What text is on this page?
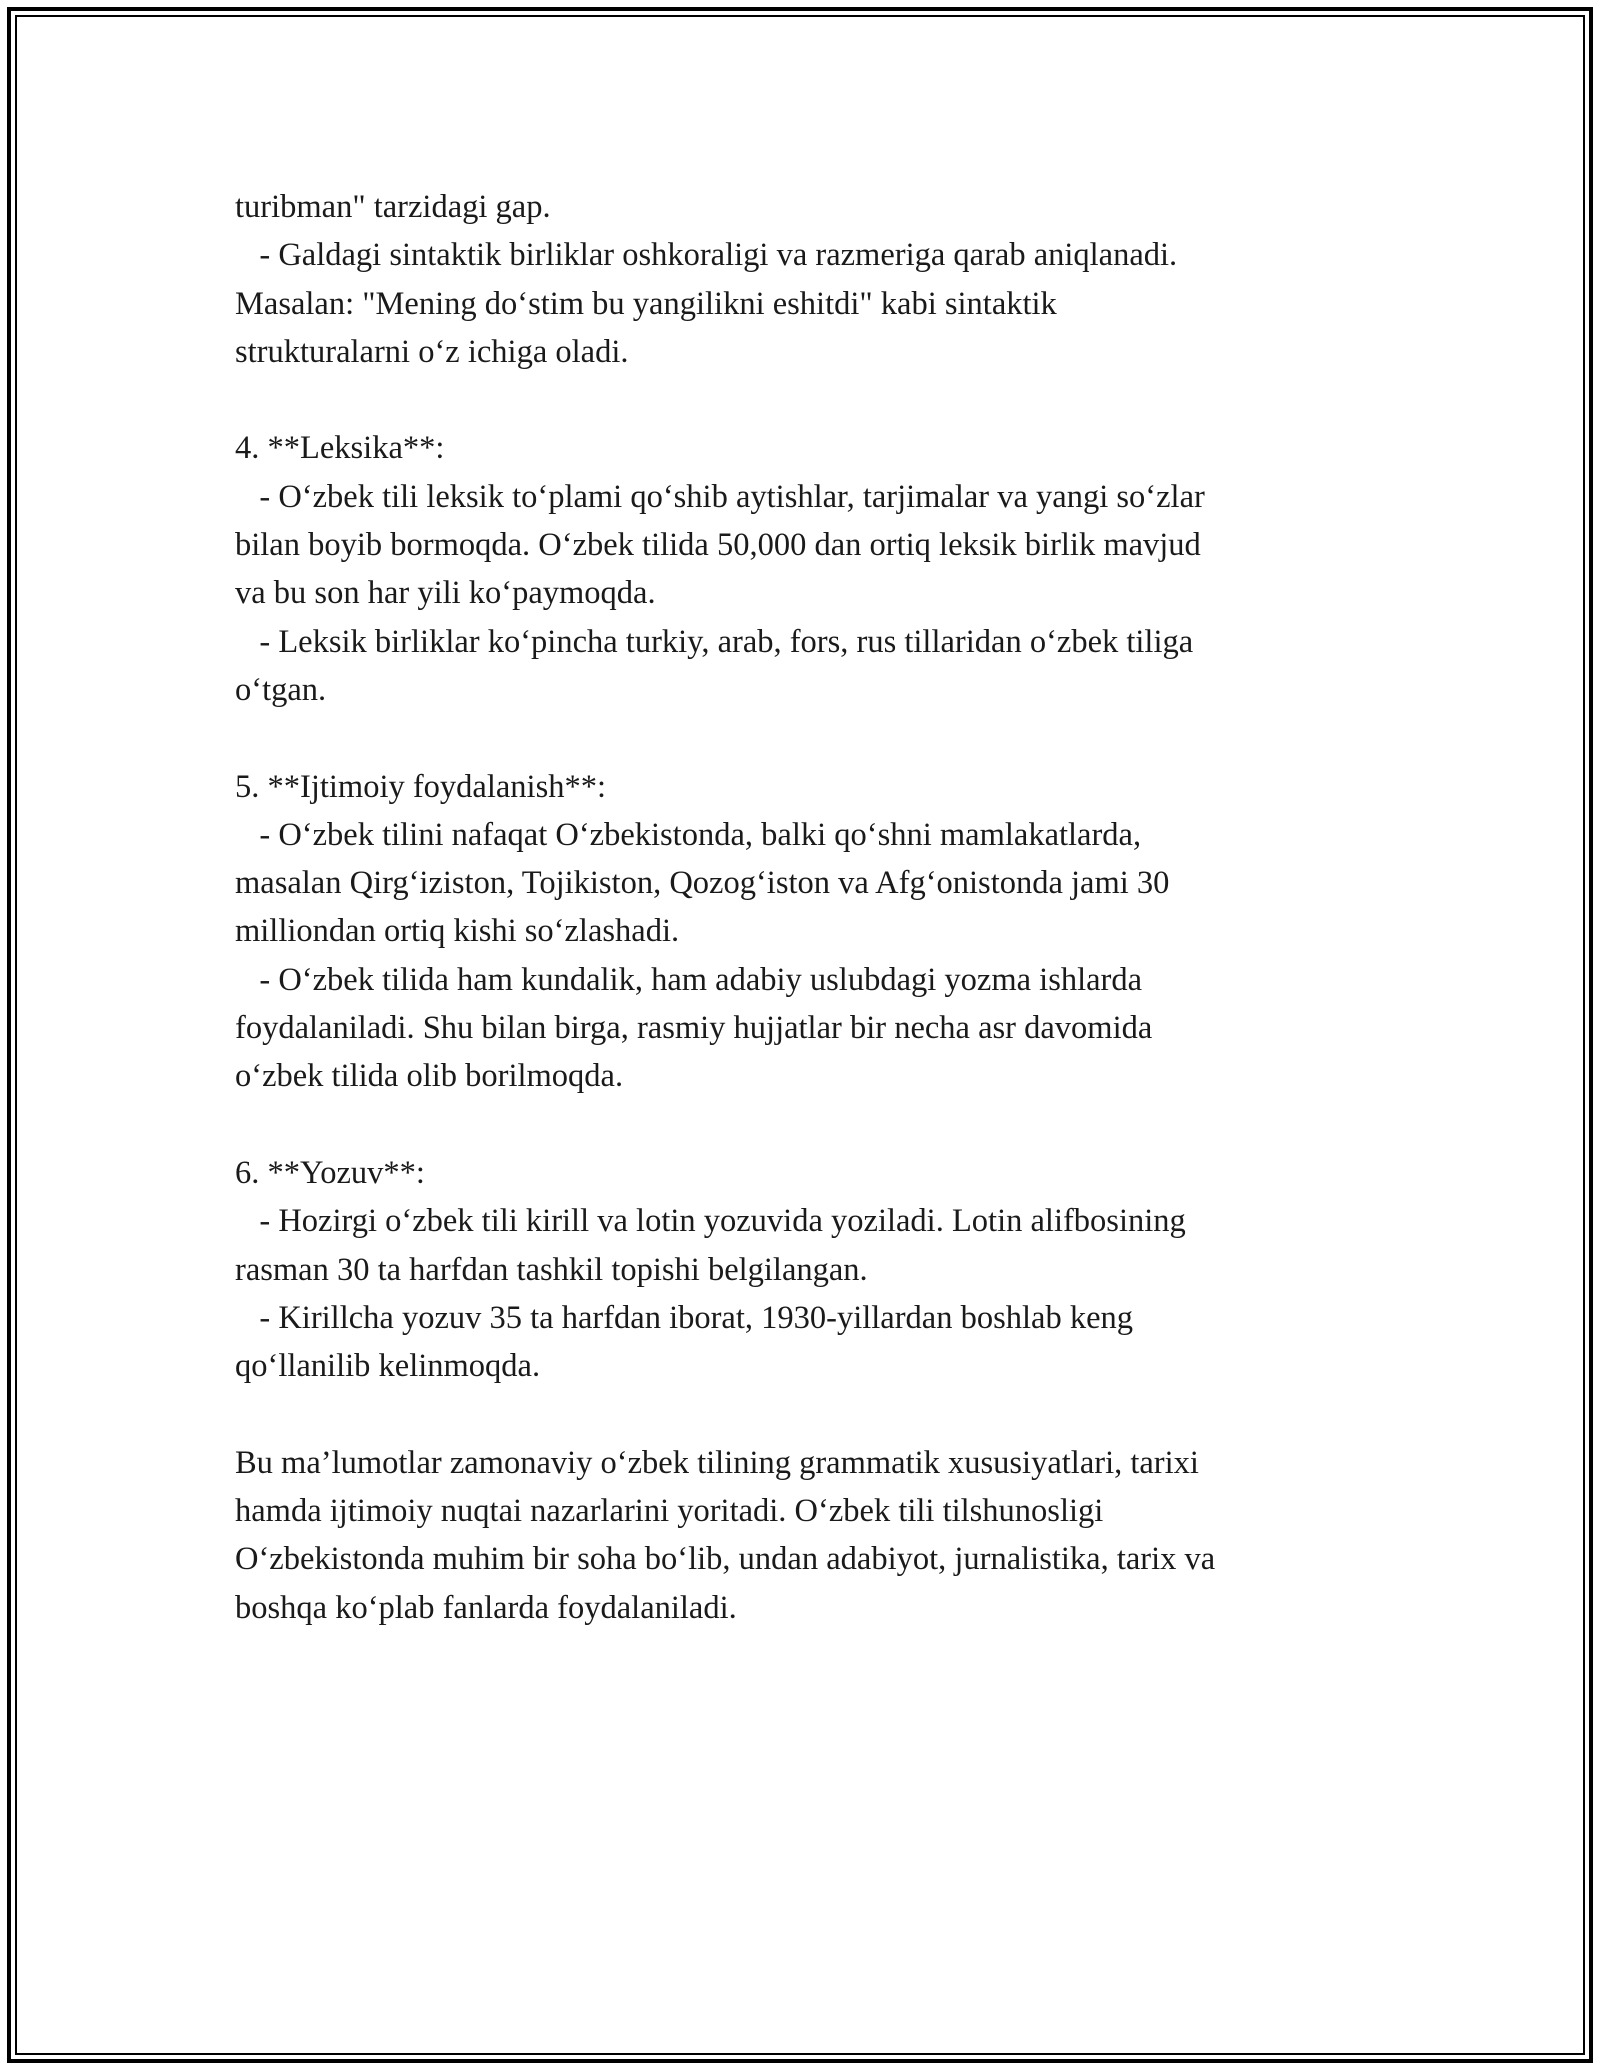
turibman" tarzidagi gap.
- Galdagi sintaktik birliklar oshkoraligi va razmeriga qarab aniqlanadi.
Masalan: "Mening do‘stim bu yangilikni eshitdi" kabi sintaktik
strukturalarni o‘z ichiga oladi.
4. **Leksika**:
- O‘zbek tili leksik to‘plami qo‘shib aytishlar, tarjimalar va yangi so‘zlar
bilan boyib bormoqda. O‘zbek tilida 50,000 dan ortiq leksik birlik mavjud
va bu son har yili ko‘paymoqda.
- Leksik birliklar ko‘pincha turkiy, arab, fors, rus tillaridan o‘zbek tiliga
o‘tgan.
5. **Ijtimoiy foydalanish**:
- O‘zbek tilini nafaqat O‘zbekistonda, balki qo‘shni mamlakatlarda,
masalan Qirg‘iziston, Tojikiston, Qozog‘iston va Afg‘onistonda jami 30
milliondan ortiq kishi so‘zlashadi.
- O‘zbek tilida ham kundalik, ham adabiy uslubdagi yozma ishlarda
foydalaniladi. Shu bilan birga, rasmiy hujjatlar bir necha asr davomida
o‘zbek tilida olib borilmoqda.
6. **Yozuv**:
- Hozirgi o‘zbek tili kirill va lotin yozuvida yoziladi. Lotin alifbosining
rasman 30 ta harfdan tashkil topishi belgilangan.
- Kirillcha yozuv 35 ta harfdan iborat, 1930-yillardan boshlab keng
qo‘llanilib kelinmoqda.
Bu ma’lumotlar zamonaviy o‘zbek tilining grammatik xususiyatlari, tarixi
hamda ijtimoiy nuqtai nazarlarini yoritadi. O‘zbek tili tilshunosligi
O‘zbekistonda muhim bir soha bo‘lib, undan adabiyot, jurnalistika, tarix va
boshqa ko‘plab fanlarda foydalaniladi.
